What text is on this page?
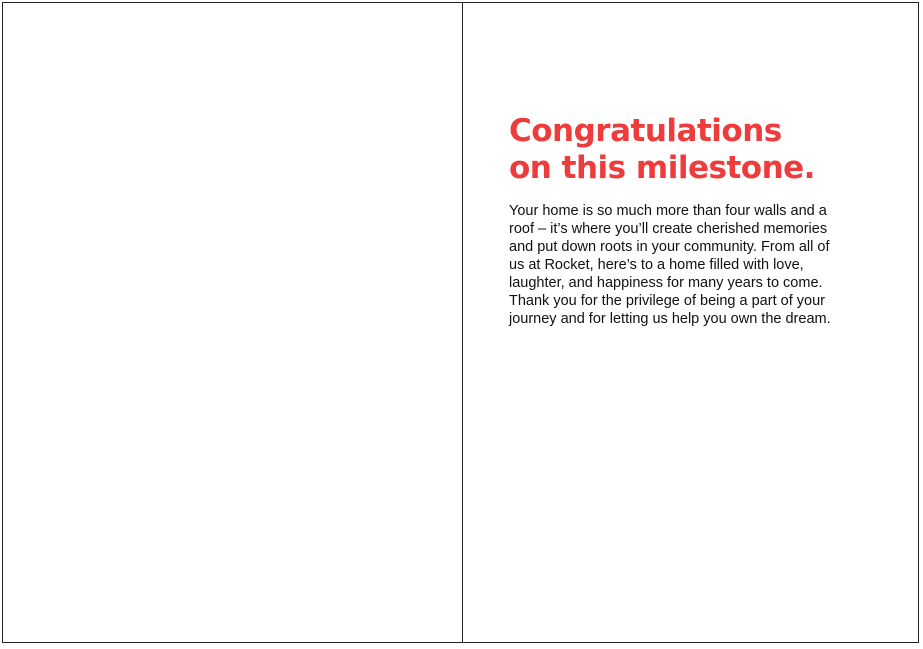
Congratulations
on this milestone.

Your home is so much more than four walls and a
roof – it’s where you’ll create cherished memories
and put down roots in your community. From all of
us at Rocket, here’s to a home filled with love,
laughter, and happiness for many years to come.
Thank you for the privilege of being a part of your
journey and for letting us help you own the dream.
